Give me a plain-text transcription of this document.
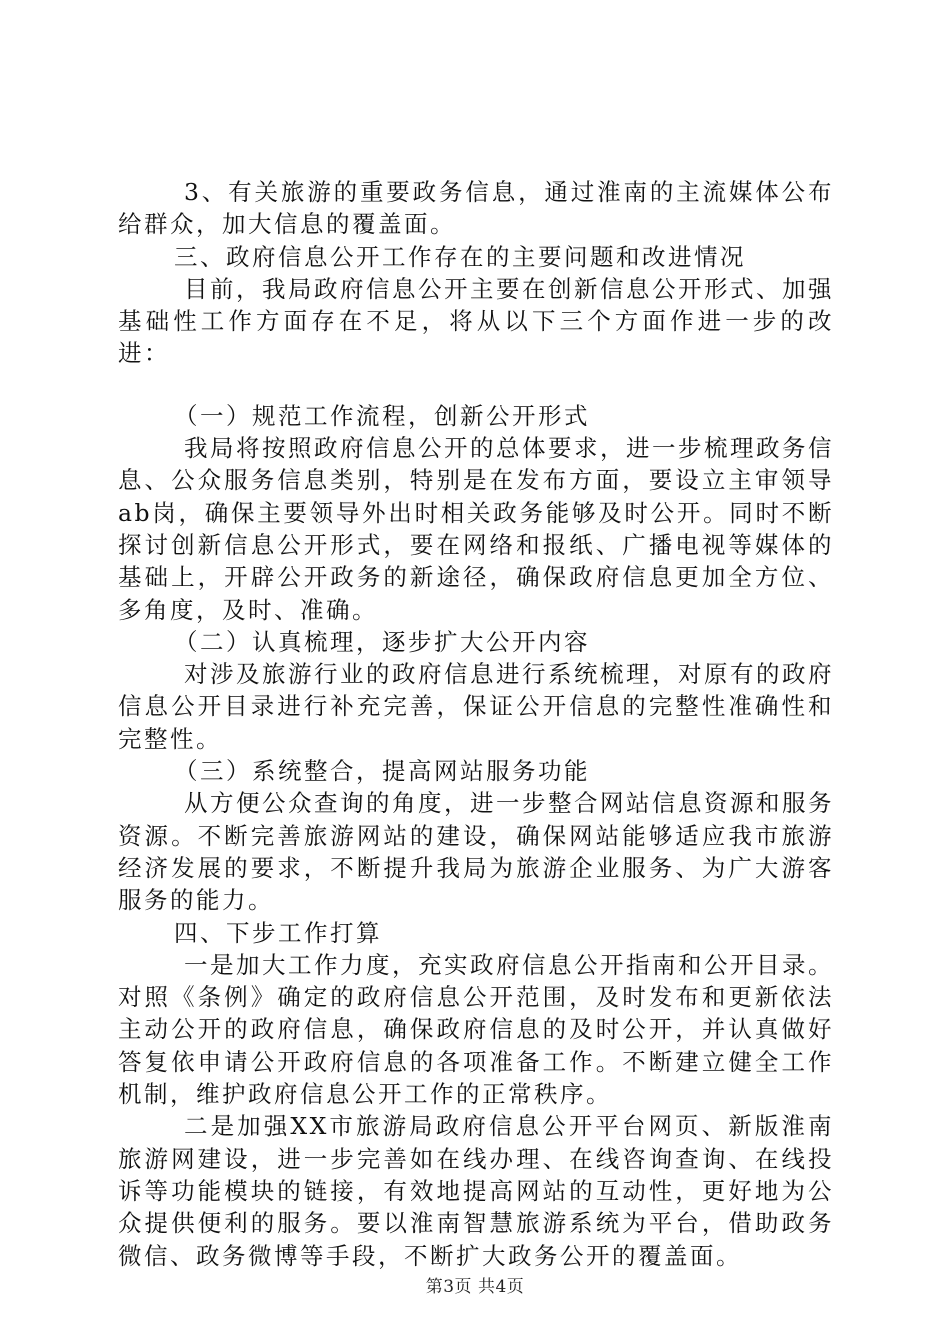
3、有关旅游的重要政务信息，通过淮南的主流媒体公布给群众，加大信息的覆盖面。

三、政府信息公开工作存在的主要问题和改进情况

目前，我局政府信息公开主要在创新信息公开形式、加强基础性工作方面存在不足，将从以下三个方面作进一步的改进：

（一）规范工作流程，创新公开形式

我局将按照政府信息公开的总体要求，进一步梳理政务信息、公众服务信息类别，特别是在发布方面，要设立主审领导ab岗，确保主要领导外出时相关政务能够及时公开。同时不断探讨创新信息公开形式，要在网络和报纸、广播电视等媒体的基础上，开辟公开政务的新途径，确保政府信息更加全方位、多角度，及时、准确。

（二）认真梳理，逐步扩大公开内容

对涉及旅游行业的政府信息进行系统梳理，对原有的政府信息公开目录进行补充完善，保证公开信息的完整性准确性和完整性。

（三）系统整合，提高网站服务功能

从方便公众查询的角度，进一步整合网站信息资源和服务资源。不断完善旅游网站的建设，确保网站能够适应我市旅游经济发展的要求，不断提升我局为旅游企业服务、为广大游客服务的能力。

四、下步工作打算

一是加大工作力度，充实政府信息公开指南和公开目录。对照《条例》确定的政府信息公开范围，及时发布和更新依法主动公开的政府信息，确保政府信息的及时公开，并认真做好答复依申请公开政府信息的各项准备工作。不断建立健全工作机制，维护政府信息公开工作的正常秩序。

二是加强XX市旅游局政府信息公开平台网页、新版淮南旅游网建设，进一步完善如在线办理、在线咨询查询、在线投诉等功能模块的链接，有效地提高网站的互动性，更好地为公众提供便利的服务。要以淮南智慧旅游系统为平台，借助政务微信、政务微博等手段，不断扩大政务公开的覆盖面。

第3页 共4页
